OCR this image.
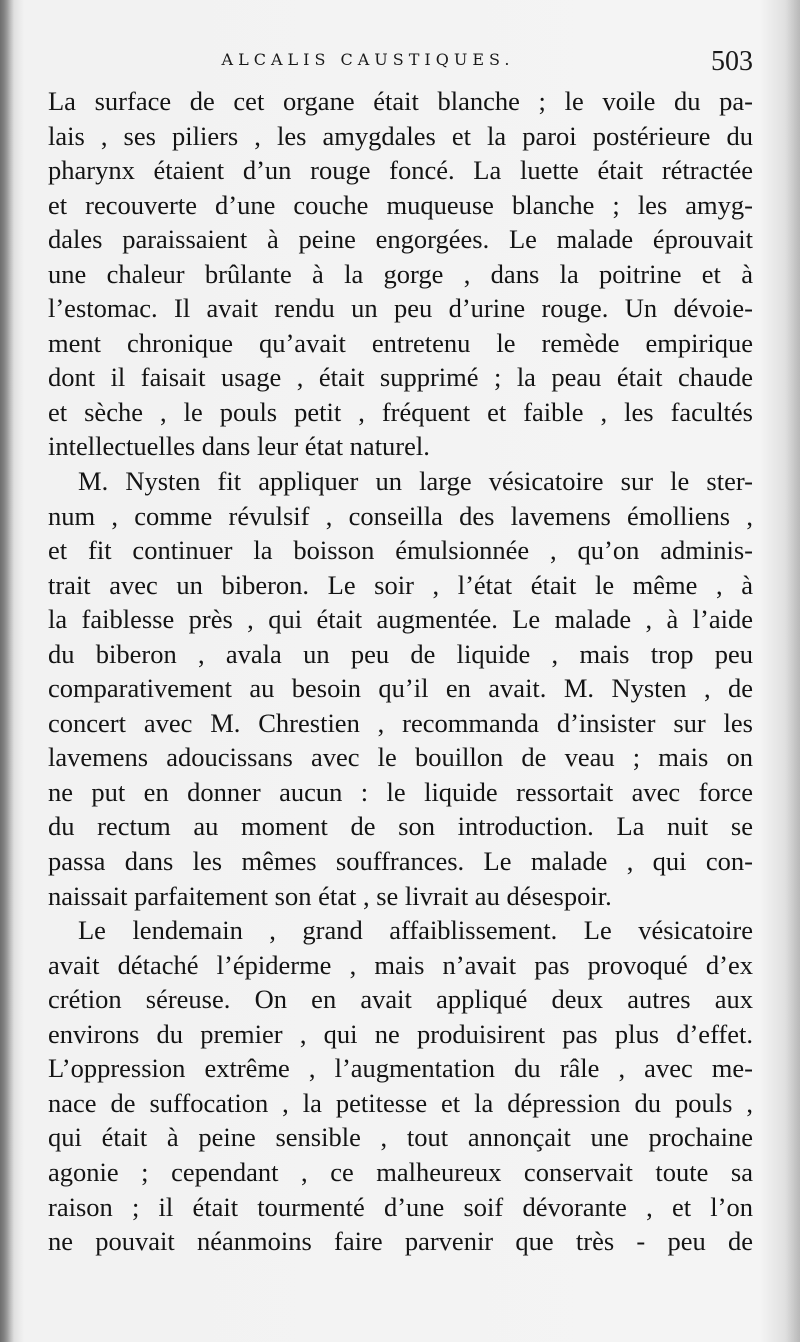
ALCALIS CAUSTIQUES.	503

La surface de cet organe était blanche ; le voile du pa-

lais , ses piliers , les amygdales et la paroi postérieure du

pharynx étaient d’un rouge foncé. La luette était rétractée

et recouverte d’une couche muqueuse blanche ; les amyg-

dales paraissaient à peine engorgées. Le malade éprouvait

une chaleur brûlante à la gorge , dans la poitrine et à

l’estomac. Il avait rendu un peu d’urine rouge. Un dévoie-

ment chronique qu’avait entretenu le remède empirique

dont il faisait usage , était supprimé ; la peau était chaude

et sèche , le pouls petit , fréquent et faible , les facultés

intellectuelles dans leur état naturel.

M. Nysten fit appliquer un large vésicatoire sur le ster-

num , comme révulsif , conseilla des lavemens émolliens ,

et fit continuer la boisson émulsionnée , qu’on adminis-

trait avec un biberon. Le soir , l’état était le même , à

la faiblesse près , qui était augmentée. Le malade , à l’aide

du biberon , avala un peu de liquide , mais trop peu

comparativement au besoin qu’il en avait. M. Nysten , de

concert avec M. Chrestien , recommanda d’insister sur les

lavemens adoucissans avec le bouillon de veau ; mais on

ne put en donner aucun : le liquide ressortait avec force

du rectum au moment de son introduction. La nuit se

passa dans les mêmes souffrances. Le malade , qui con-

naissait parfaitement son état , se livrait au désespoir.

Le lendemain , grand affaiblissement. Le vésicatoire

avait détaché l’épiderme , mais n’avait pas provoqué d’ex

crétion séreuse. On en avait appliqué deux autres aux

environs du premier , qui ne produisirent pas plus d’effet.

L’oppression extrême , l’augmentation du râle , avec me-

nace de suffocation , la petitesse et la dépression du pouls ,

qui était à peine sensible , tout annonçait une prochaine

agonie ; cependant , ce malheureux conservait toute sa

raison ; il était tourmenté d’une soif dévorante , et l’on

ne pouvait néanmoins faire parvenir que très - peu de
